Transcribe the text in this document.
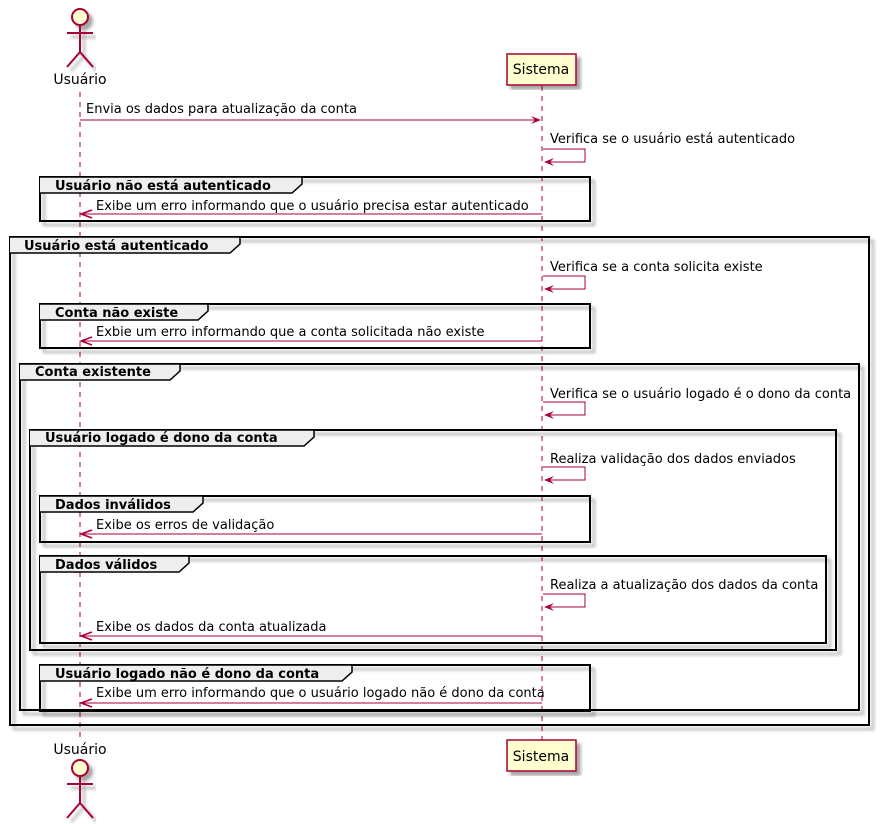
Usuário
Sistema
Envia os dados para atualização da conta
Verifica se o usuário está autenticado
Usuário não está autenticado
Exibe um erro informando que o usuário precisa estar autenticado
Usuário está autenticado
Verifica se a conta solicita existe
Conta não existe
Exbie um erro informando que a conta solicitada não existe
Conta existente
Verifica se o usuário logado é o dono da conta
Usuário logado é dono da conta
Realiza validação dos dados enviados
Dados inválidos
Exibe os erros de validação
Dados válidos
Realiza a atualização dos dados da conta
Exibe os dados da conta atualizada
Usuário logado não é dono da conta
Exibe um erro informando que o usuário logado não é dono da conta
Usuário	Sistema
